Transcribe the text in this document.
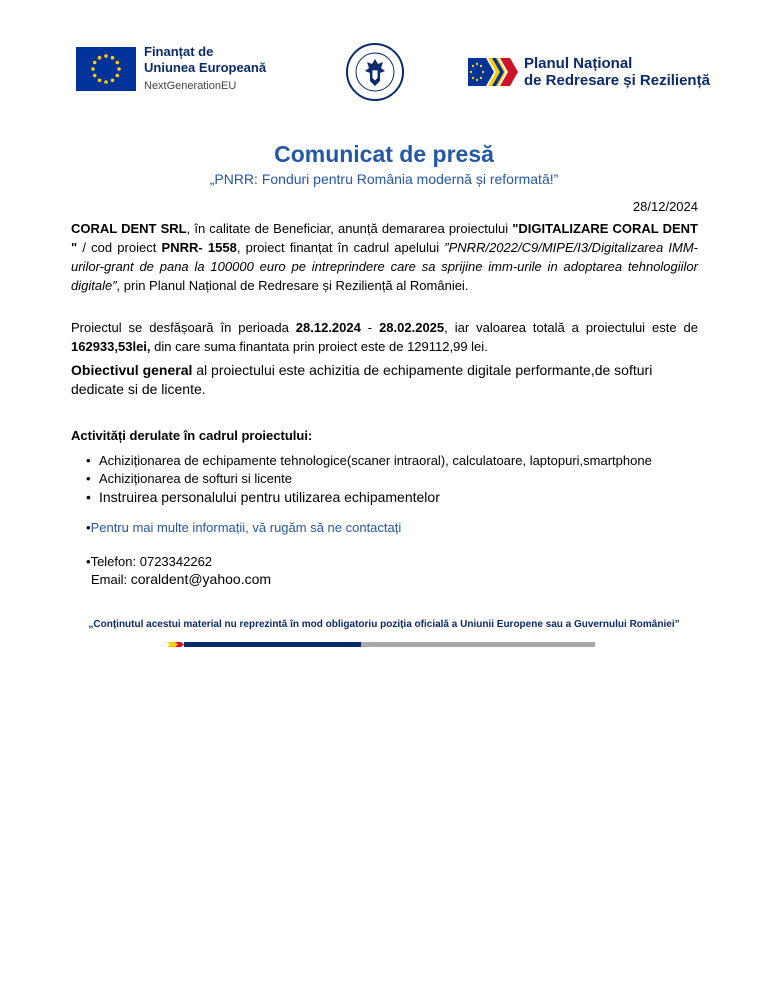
Finanțat de
Uniunea Europeană
NextGenerationEU
Planul Național
de Redresare și Reziliență
Comunicat de presă
„PNRR: Fonduri pentru România modernă și reformată!”
28/12/2024
CORAL DENT SRL, în calitate de Beneficiar, anunță demararea proiectului "DIGITALIZARE CORAL DENT " / cod proiect PNRR- 1558, proiect finanțat în cadrul apelului ”PNRR/2022/C9/MIPE/I3/Digitalizarea IMM-urilor-grant de pana la 100000 euro pe intreprindere care sa sprijine imm-urile in adoptarea tehnologiilor digitale”, prin Planul Național de Redresare și Reziliență al României.
Proiectul se desfășoară în perioada 28.12.2024 - 28.02.2025, iar valoarea totală a proiectului este de 162933,53lei, din care suma finantata prin proiect este de 129112,99 lei.
Obiectivul general al proiectului este achizitia de echipamente digitale performante,de softuri dedicate si de licente.
Activități derulate în cadrul proiectului:
• Achiziționarea de echipamente tehnologice(scaner intraoral), calculatoare, laptopuri,smartphone
• Achiziționarea de softuri si licente
• Instruirea personalului pentru utilizarea echipamentelor
•Pentru mai multe informații, vă rugăm să ne contactați
•Telefon: 0723342262
Email: coraldent@yahoo.com
„Conținutul acestui material nu reprezintă în mod obligatoriu poziția oficială a Uniunii Europene sau a Guvernului României”
